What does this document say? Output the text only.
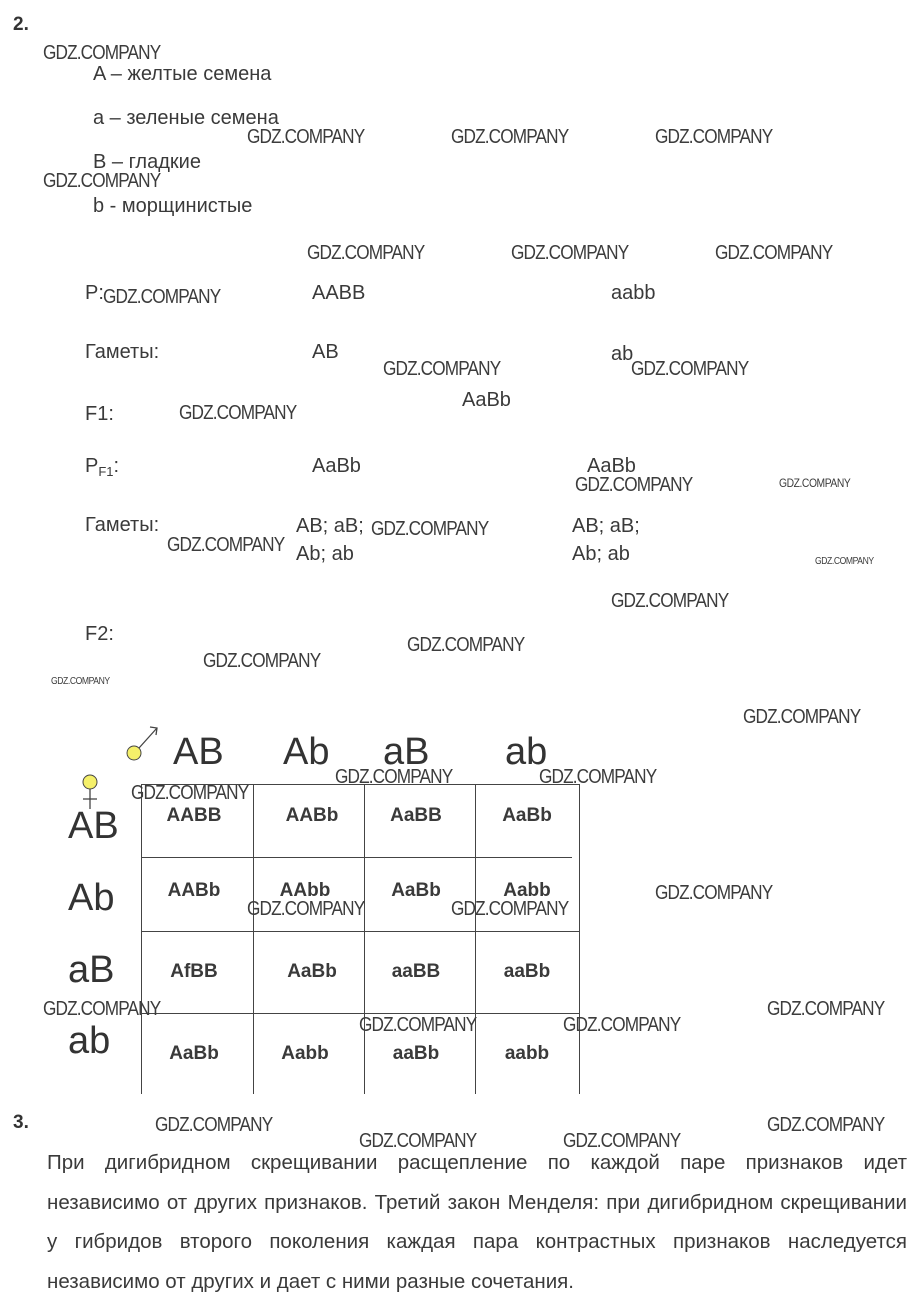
2.
A – желтые семена
a – зеленые семена
B – гладкие
b - морщинистые
P:	AABB	aabb
Гаметы:	AB	ab
F1:
AaBb
$P_{F1}$:	AaBb	AaBb
Гаметы:	AB; aB;
Ab; ab
AB; aB;
Ab; ab
F2:
AB Ab aB ab
AB
Ab
aB
ab
AABB	AABb	AaBB	AaBb
AABb	AAbb	AaBb	Aabb
AfBB	AaBb	aaBB	aaBb
AaBb	Aabb	aaBb	aabb
3.
При дигибридном скрещивании расщепление по каждой паре признаков идет независимо от других признаков. Третий закон Менделя: при дигибридном скрещивании у гибридов второго поколения каждая пара контрастных признаков наследуется независимо от других и дает с ними разные сочетания.
GDZ.COMPANY
GDZ.COMPANY	GDZ.COMPANY	GDZ.COMPANY
GDZ.COMPANY
GDZ.COMPANY	GDZ.COMPANY	GDZ.COMPANY
GDZ.COMPANY
GDZ.COMPANY	GDZ.COMPANY
GDZ.COMPANY
GDZ.COMPANY	GDZ.COMPANY
GDZ.COMPANY
GDZ.COMPANY
GDZ.COMPANY
GDZ.COMPANY
GDZ.COMPANY
GDZ.COMPANY
GDZ.COMPANY
GDZ.COMPANY
GDZ.COMPANY	GDZ.COMPANY
GDZ.COMPANY
GDZ.COMPANY
GDZ.COMPANY	GDZ.COMPANY
GDZ.COMPANY	GDZ.COMPANY
GDZ.COMPANY	GDZ.COMPANY
GDZ.COMPANY	GDZ.COMPANY
GDZ.COMPANY	GDZ.COMPANY
